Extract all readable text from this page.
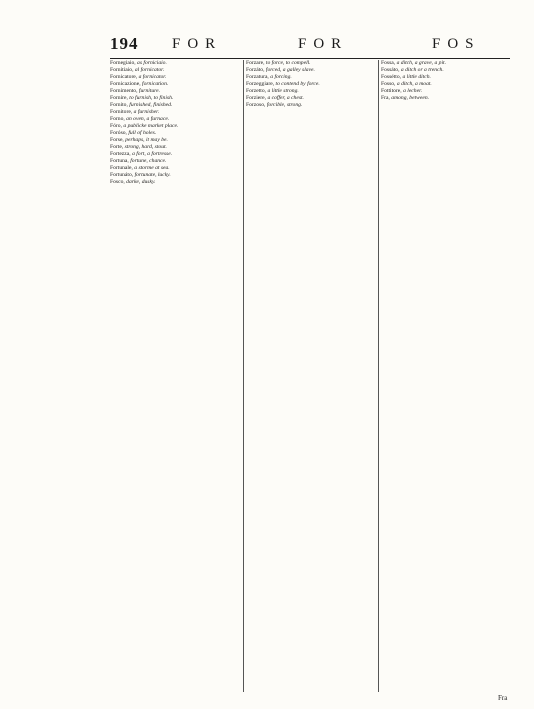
194 FOR	FOR	FOS
Fornegiaio, as forniciaio.
Fornitiaio, al fornicator.
Fornicatore, a fornicator.
Fornicazione, fornication.
Fornimento, furniture.
Fornire, to furnish, to finish.
Fornito, furnished, finished.
Fornitore, a furnisher.
Forno, an oven, a furnace.
Fóro, a publicke market place.
Foróso, full of holes.
Forse, perhaps, it may be.
Forte, strong, hard, stout.
Fortezza, a fort, a fortresse.
Fortuna, fortune, chance.
Fortunale, a storme at sea.
Fortunáto, fortunate, lucky.
Fosco, darke, dusky.
Forzare, to force, to compell.
Forzáto, forced, a galley slave.
Forzatura, a forcing.
Forzeggiare, to contend by force.
Forzetto, a little strong.
Forziere, a coffer, a chest.
Forzoso, forcible, strong.
Fossa, a ditch, a grave, a pit.
Fossáto, a ditch or a trench.
Fossétto, a little ditch.
Fosso, a ditch, a moat.
Fottitore, a lecher.
Fra, among, between.
Fra
